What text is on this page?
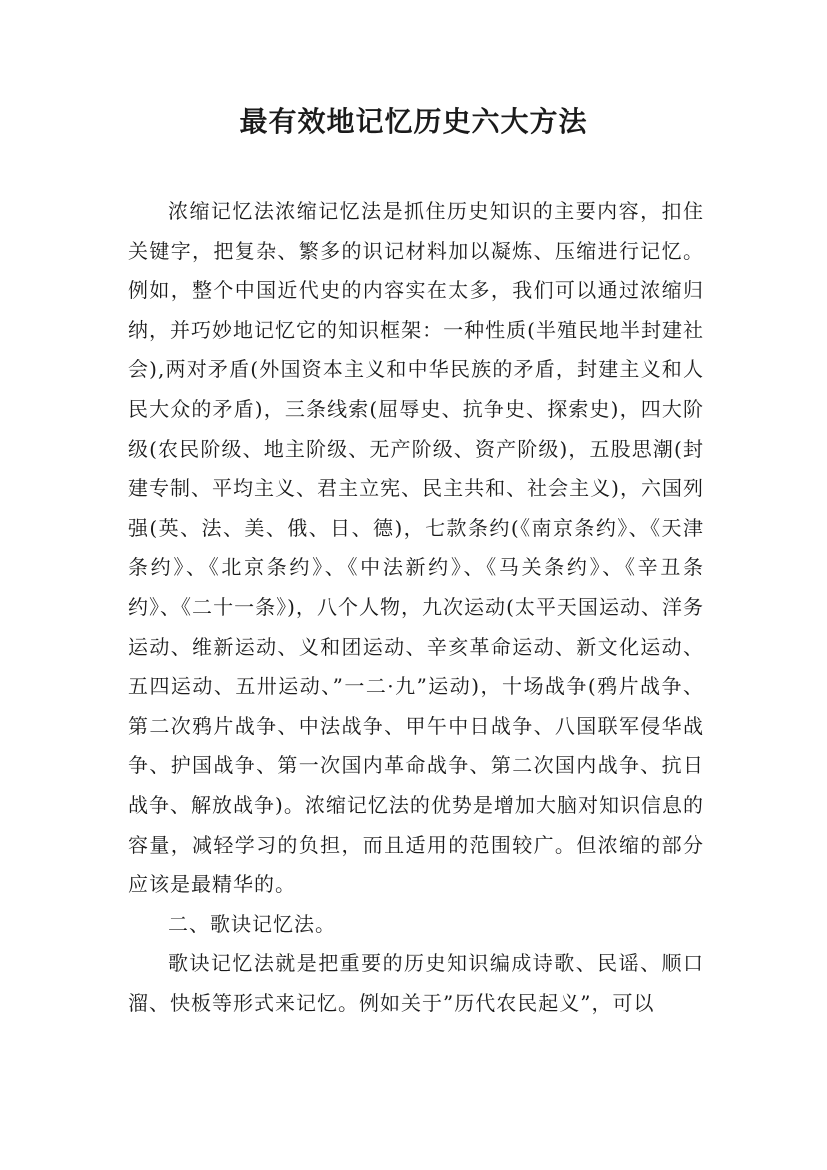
最有效地记忆历史六大方法

浓缩记忆法浓缩记忆法是抓住历史知识的主要内容，扣住关键字，把复杂、繁多的识记材料加以凝炼、压缩进行记忆。例如，整个中国近代史的内容实在太多，我们可以通过浓缩归纳，并巧妙地记忆它的知识框架：一种性质(半殖民地半封建社会),两对矛盾(外国资本主义和中华民族的矛盾，封建主义和人民大众的矛盾)，三条线索(屈辱史、抗争史、探索史)，四大阶级(农民阶级、地主阶级、无产阶级、资产阶级)，五股思潮(封建专制、平均主义、君主立宪、民主共和、社会主义)，六国列强(英、法、美、俄、日、德)，七款条约(《南京条约》、《天津条约》、《北京条约》、《中法新约》、《马关条约》、《辛丑条约》、《二十一条》)，八个人物，九次运动(太平天国运动、洋务运动、维新运动、义和团运动、辛亥革命运动、新文化运动、五四运动、五卅运动、”一二·九”运动)，十场战争(鸦片战争、第二次鸦片战争、中法战争、甲午中日战争、八国联军侵华战争、护国战争、第一次国内革命战争、第二次国内战争、抗日战争、解放战争)。浓缩记忆法的优势是增加大脑对知识信息的容量，减轻学习的负担，而且适用的范围较广。但浓缩的部分应该是最精华的。

二、歌诀记忆法。

歌诀记忆法就是把重要的历史知识编成诗歌、民谣、顺口溜、快板等形式来记忆。例如关于”历代农民起义”，可以
